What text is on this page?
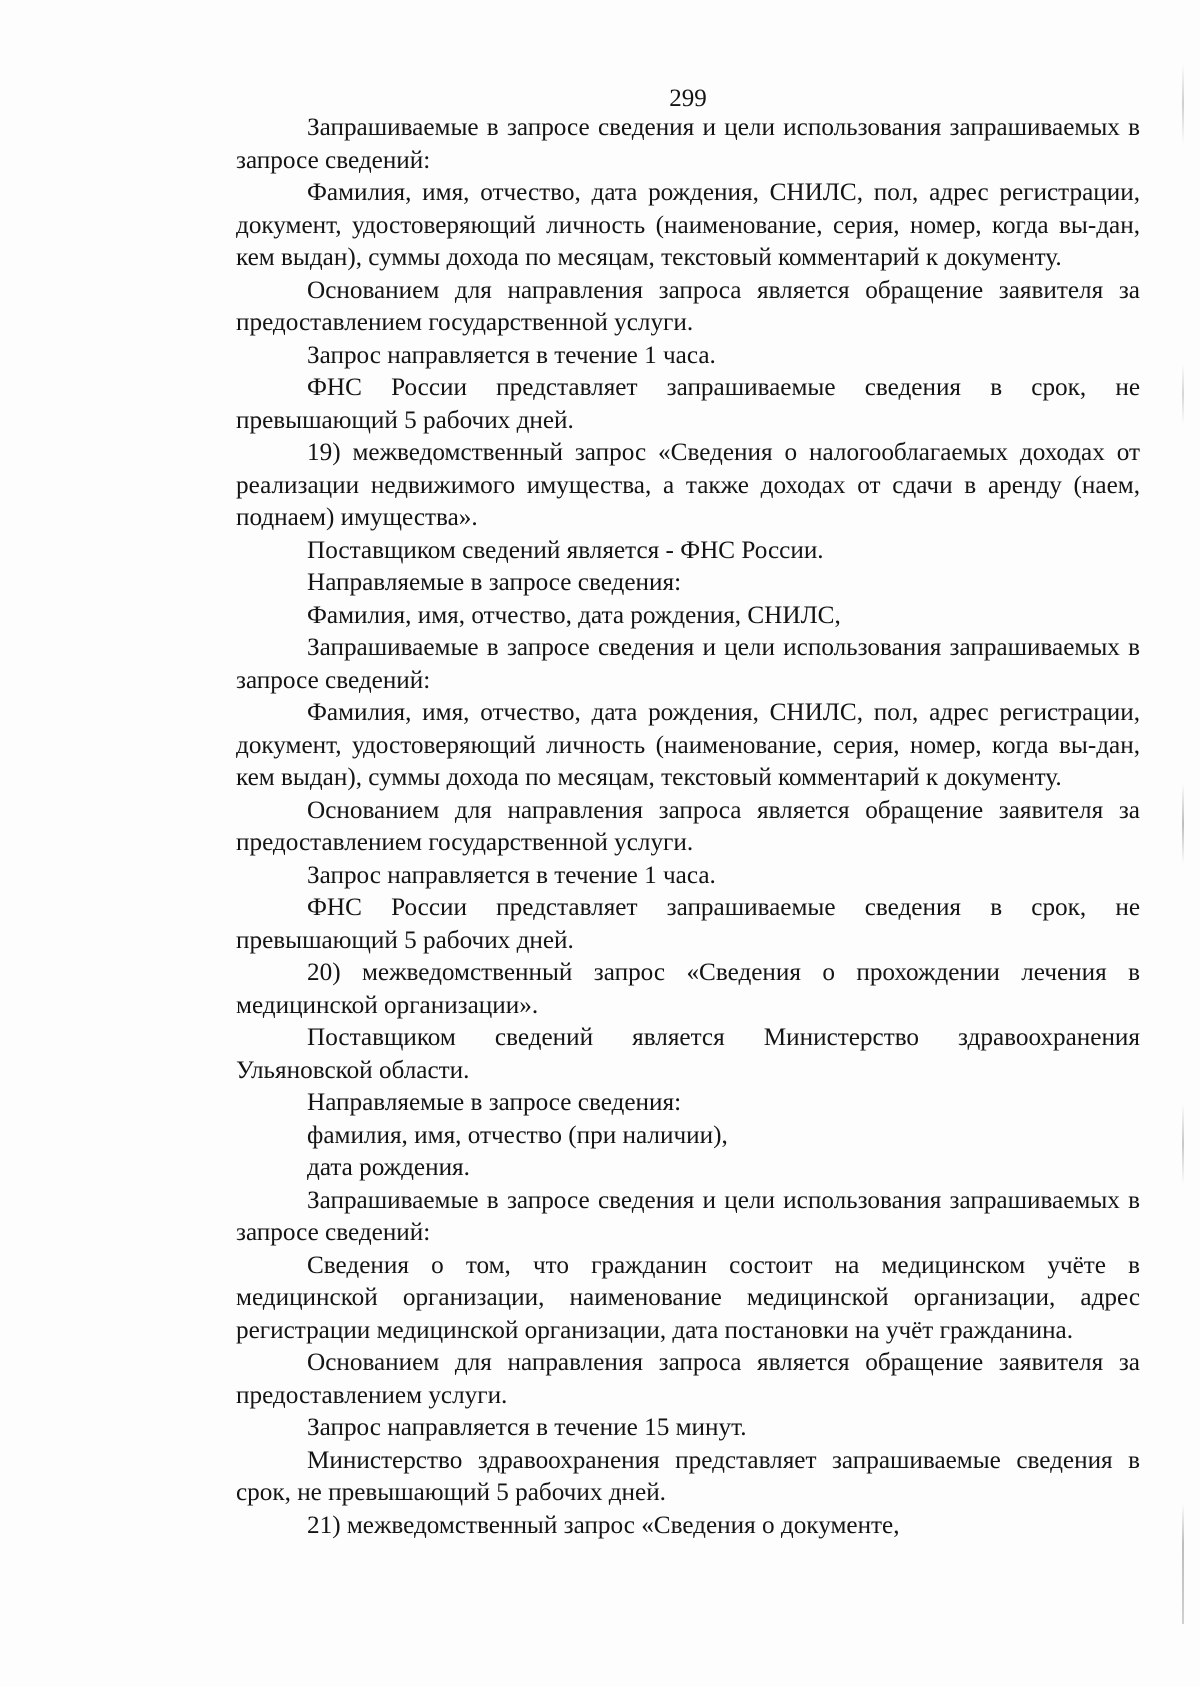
299

Запрашиваемые в запросе сведения и цели использования запрашиваемых в запросе сведений:

Фамилия, имя, отчество, дата рождения, СНИЛС, пол, адрес регистрации, документ, удостоверяющий личность (наименование, серия, номер, когда вы-дан, кем выдан), суммы дохода по месяцам, текстовый комментарий к документу.

Основанием для направления запроса является обращение заявителя за предоставлением государственной услуги.

Запрос направляется в течение 1 часа.

ФНС России представляет запрашиваемые сведения в срок, не превышающий 5 рабочих дней.

19) межведомственный запрос «Сведения о налогооблагаемых доходах от реализации недвижимого имущества, а также доходах от сдачи в аренду (наем, поднаем) имущества».

Поставщиком сведений является - ФНС России.

Направляемые в запросе сведения:

Фамилия, имя, отчество, дата рождения, СНИЛС,

Запрашиваемые в запросе сведения и цели использования запрашиваемых в запросе сведений:

Фамилия, имя, отчество, дата рождения, СНИЛС, пол, адрес регистрации, документ, удостоверяющий личность (наименование, серия, номер, когда вы-дан, кем выдан), суммы дохода по месяцам, текстовый комментарий к документу.

Основанием для направления запроса является обращение заявителя за предоставлением государственной услуги.

Запрос направляется в течение 1 часа.

ФНС России представляет запрашиваемые сведения в срок, не превышающий 5 рабочих дней.

20) межведомственный запрос «Сведения о прохождении лечения в медицинской организации».

Поставщиком сведений является Министерство здравоохранения Ульяновской области.

Направляемые в запросе сведения:

фамилия, имя, отчество (при наличии),

дата рождения.

Запрашиваемые в запросе сведения и цели использования запрашиваемых в запросе сведений:

Сведения о том, что гражданин состоит на медицинском учёте в медицинской организации, наименование медицинской организации, адрес регистрации медицинской организации, дата постановки на учёт гражданина.

Основанием для направления запроса является обращение заявителя за предоставлением услуги.

Запрос направляется в течение 15 минут.

Министерство здравоохранения представляет запрашиваемые сведения в срок, не превышающий 5 рабочих дней.

21) межведомственный запрос «Сведения о документе,
